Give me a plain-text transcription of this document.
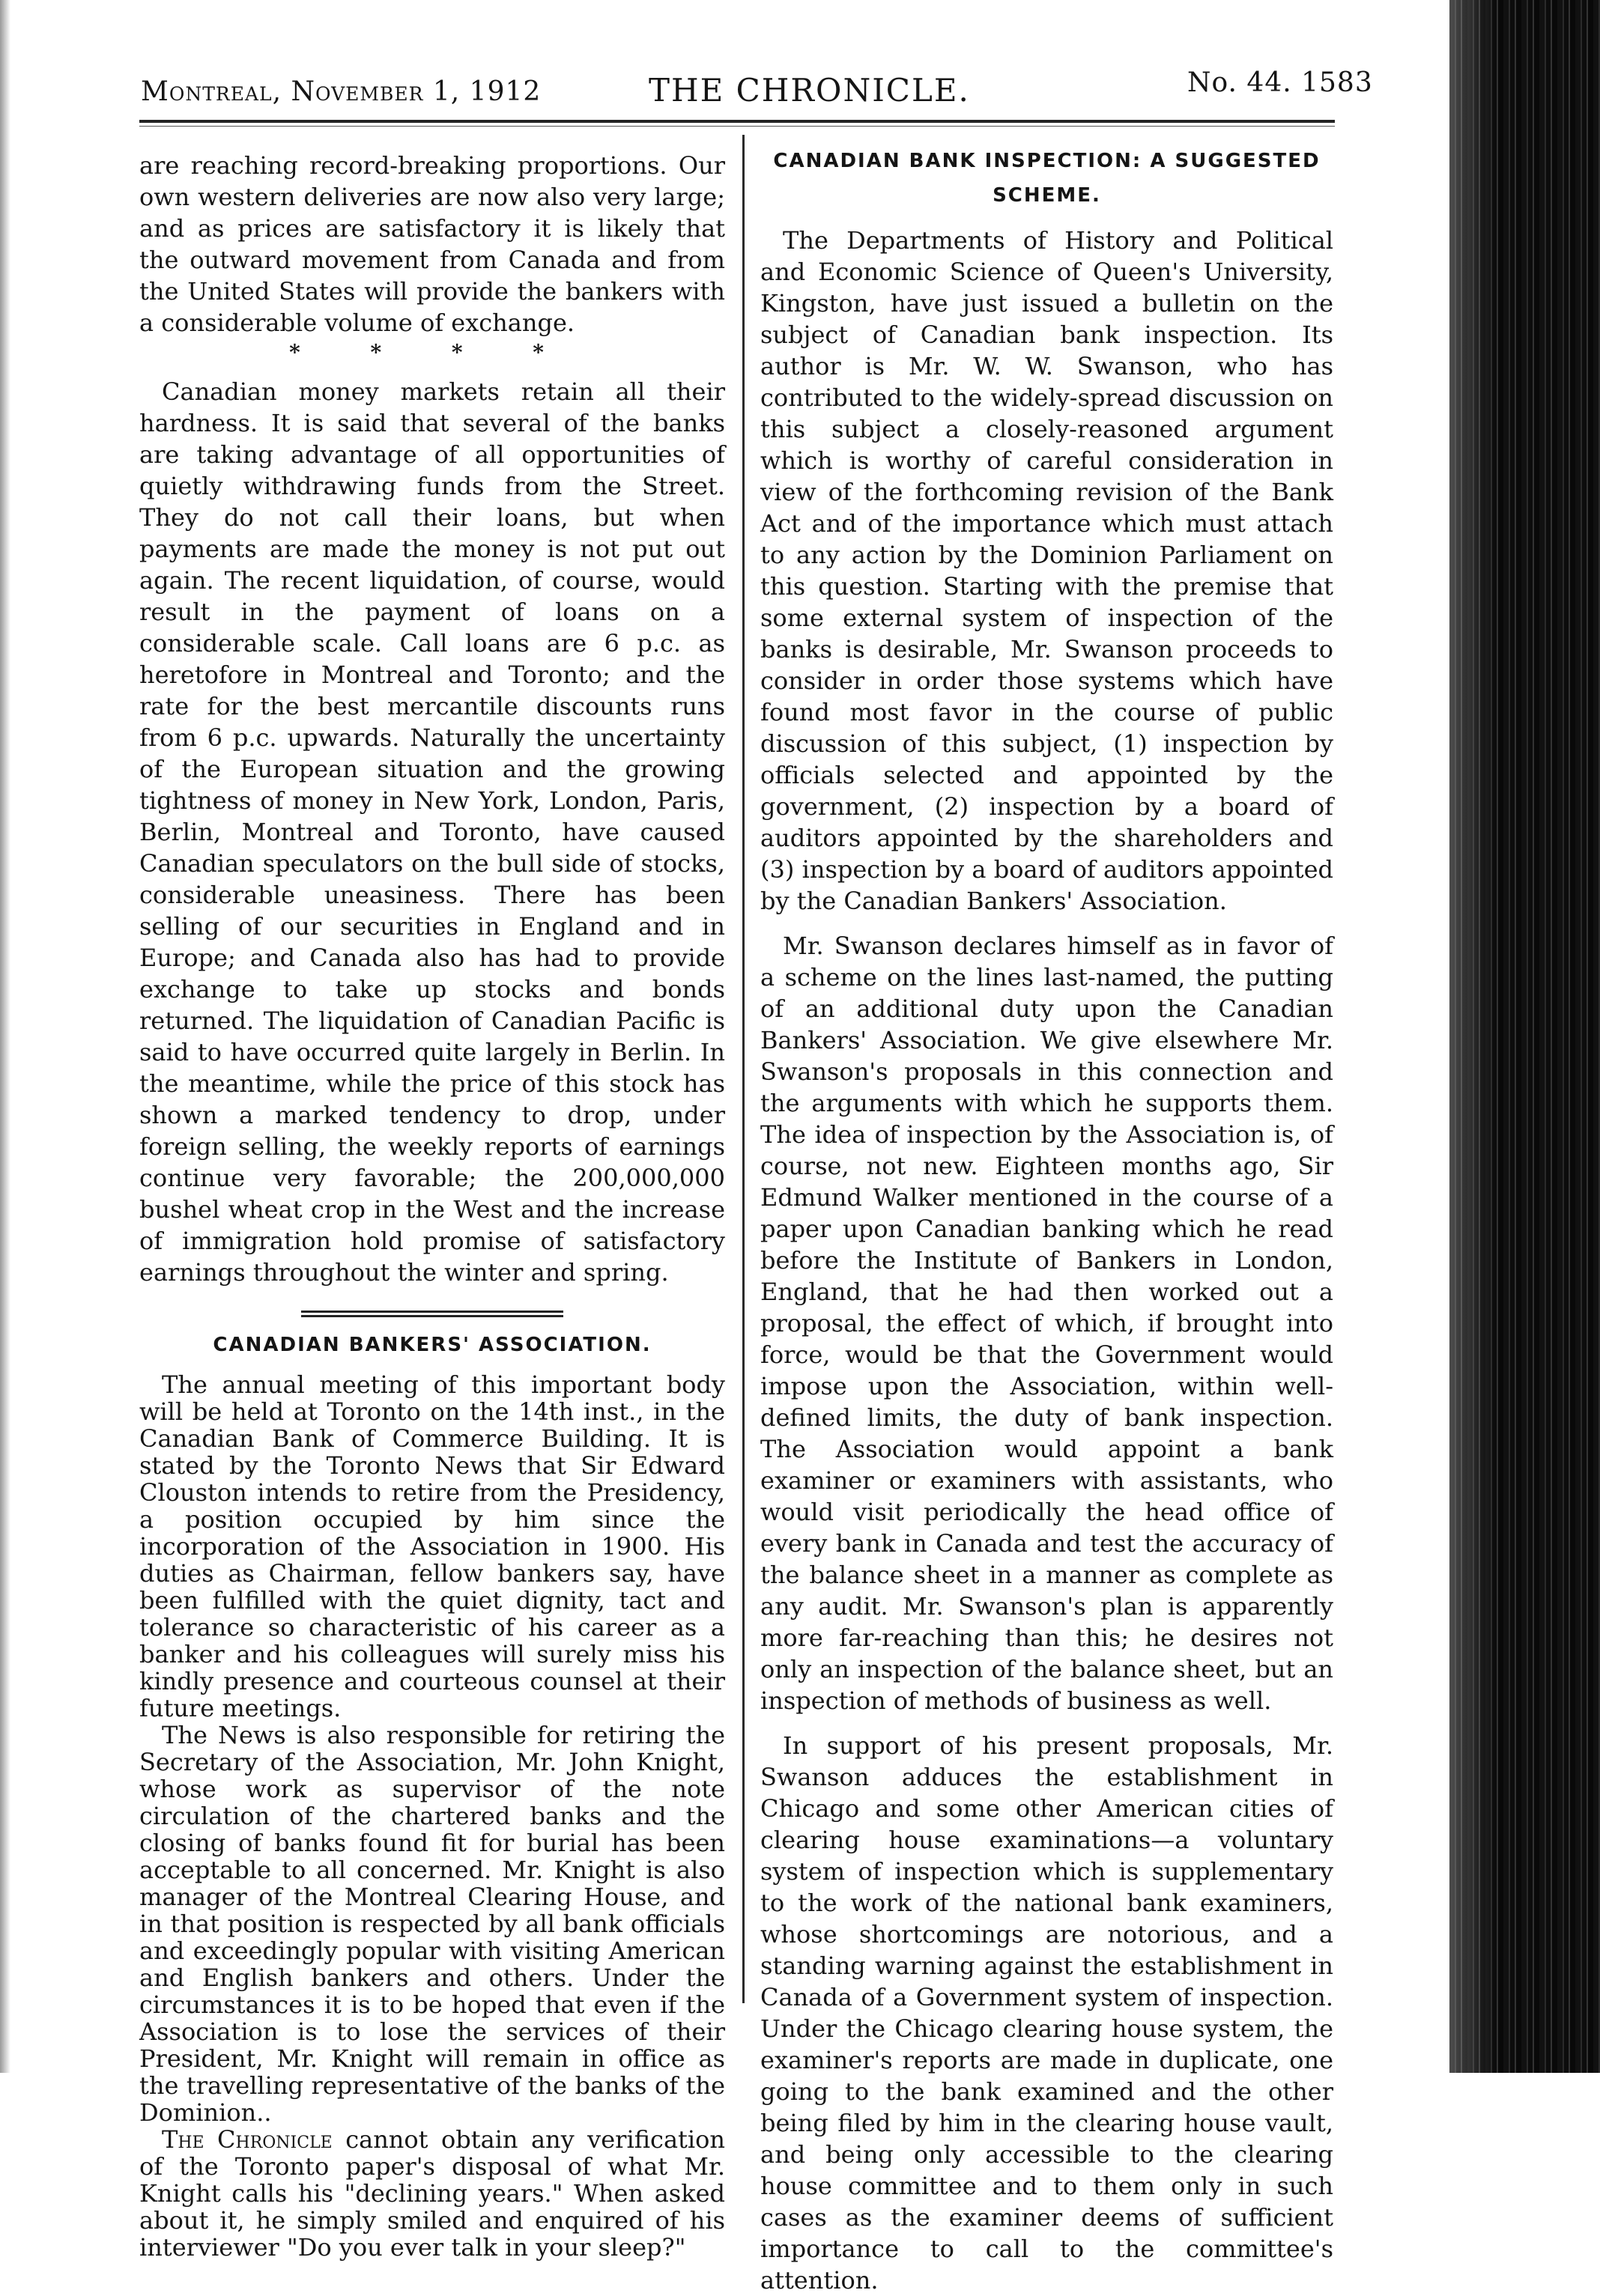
Montreal, November 1, 1912	THE CHRONICLE.	No. 44. 1583

are reaching record-breaking proportions. Our own western deliveries are now also very large; and as prices are satisfactory it is likely that the outward movement from Canada and from the United States will provide the bankers with a considerable volume of exchange.

* * * *

Canadian money markets retain all their hardness. It is said that several of the banks are taking advantage of all opportunities of quietly withdrawing funds from the Street. They do not call their loans, but when payments are made the money is not put out again. The recent liquidation, of course, would result in the payment of loans on a considerable scale. Call loans are 6 p.c. as heretofore in Montreal and Toronto; and the rate for the best mercantile discounts runs from 6 p.c. upwards. Naturally the uncertainty of the European situation and the growing tightness of money in New York, London, Paris, Berlin, Montreal and Toronto, have caused Canadian speculators on the bull side of stocks, considerable uneasiness. There has been selling of our securities in England and in Europe; and Canada also has had to provide exchange to take up stocks and bonds returned. The liquidation of Canadian Pacific is said to have occurred quite largely in Berlin. In the meantime, while the price of this stock has shown a marked tendency to drop, under foreign selling, the weekly reports of earnings continue very favorable; the 200,000,000 bushel wheat crop in the West and the increase of immigration hold promise of satisfactory earnings throughout the winter and spring.

CANADIAN BANKERS' ASSOCIATION.

The annual meeting of this important body will be held at Toronto on the 14th inst., in the Canadian Bank of Commerce Building. It is stated by the Toronto News that Sir Edward Clouston intends to retire from the Presidency, a position occupied by him since the incorporation of the Association in 1900. His duties as Chairman, fellow bankers say, have been fulfilled with the quiet dignity, tact and tolerance so characteristic of his career as a banker and his colleagues will surely miss his kindly presence and courteous counsel at their future meetings.

The News is also responsible for retiring the Secretary of the Association, Mr. John Knight, whose work as supervisor of the note circulation of the chartered banks and the closing of banks found fit for burial has been acceptable to all concerned. Mr. Knight is also manager of the Montreal Clearing House, and in that position is respected by all bank officials and exceedingly popular with visiting American and English bankers and others. Under the circumstances it is to be hoped that even if the Association is to lose the services of their President, Mr. Knight will remain in office as the travelling representative of the banks of the Dominion..

The Chronicle cannot obtain any verification of the Toronto paper's disposal of what Mr. Knight calls his "declining years." When asked about it, he simply smiled and enquired of his interviewer "Do you ever talk in your sleep?"

CANADIAN BANK INSPECTION: A SUGGESTED
SCHEME.

The Departments of History and Political and Economic Science of Queen's University, Kingston, have just issued a bulletin on the subject of Canadian bank inspection. Its author is Mr. W. W. Swanson, who has contributed to the widely-spread discussion on this subject a closely-reasoned argument which is worthy of careful consideration in view of the forthcoming revision of the Bank Act and of the importance which must attach to any action by the Dominion Parliament on this question. Starting with the premise that some external system of inspection of the banks is desirable, Mr. Swanson proceeds to consider in order those systems which have found most favor in the course of public discussion of this subject, (1) inspection by officials selected and appointed by the government, (2) inspection by a board of auditors appointed by the shareholders and (3) inspection by a board of auditors appointed by the Canadian Bankers' Association.

Mr. Swanson declares himself as in favor of a scheme on the lines last-named, the putting of an additional duty upon the Canadian Bankers' Association. We give elsewhere Mr. Swanson's proposals in this connection and the arguments with which he supports them. The idea of inspection by the Association is, of course, not new. Eighteen months ago, Sir Edmund Walker mentioned in the course of a paper upon Canadian banking which he read before the Institute of Bankers in London, England, that he had then worked out a proposal, the effect of which, if brought into force, would be that the Government would impose upon the Association, within well-defined limits, the duty of bank inspection. The Association would appoint a bank examiner or examiners with assistants, who would visit periodically the head office of every bank in Canada and test the accuracy of the balance sheet in a manner as complete as any audit. Mr. Swanson's plan is apparently more far-reaching than this; he desires not only an inspection of the balance sheet, but an inspection of methods of business as well.

In support of his present proposals, Mr. Swanson adduces the establishment in Chicago and some other American cities of clearing house examinations—a voluntary system of inspection which is supplementary to the work of the national bank examiners, whose shortcomings are notorious, and a standing warning against the establishment in Canada of a Government system of inspection. Under the Chicago clearing house system, the examiner's reports are made in duplicate, one going to the bank examined and the other being filed by him in the clearing house vault, and being only accessible to the clearing house committee and to them only in such cases as the examiner deems of sufficient importance to call to the committee's attention.
